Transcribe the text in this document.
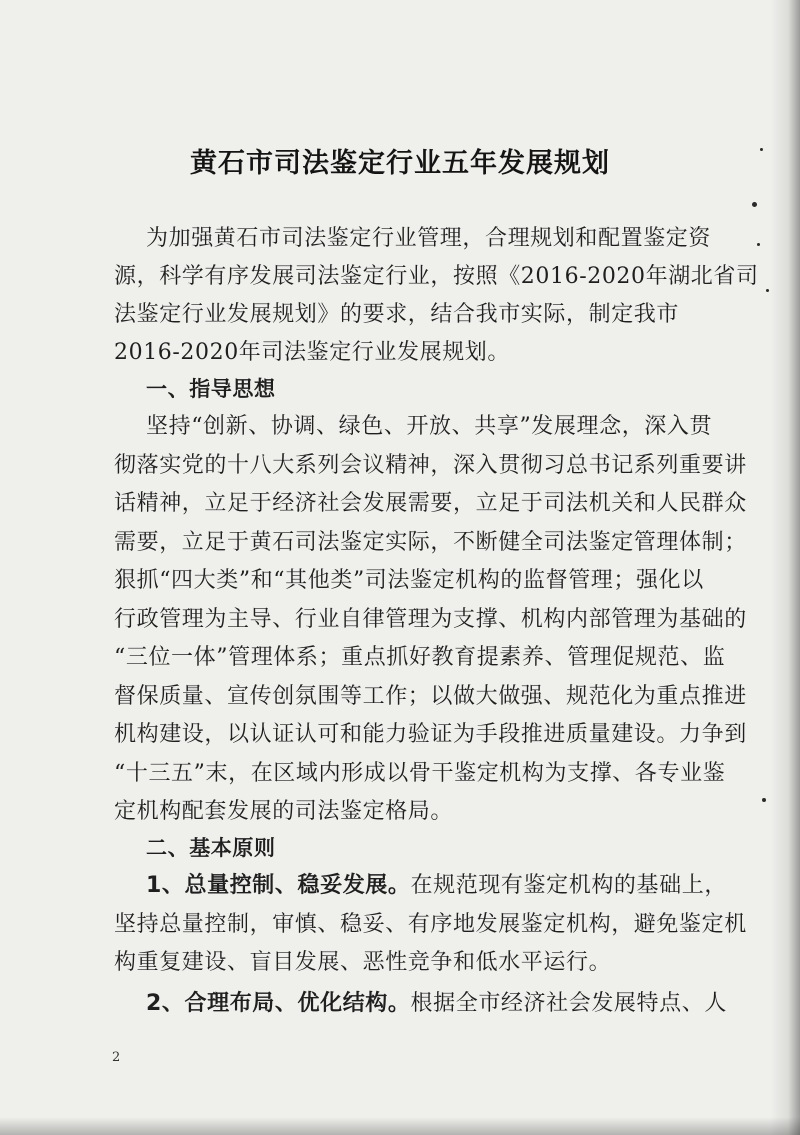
黄石市司法鉴定行业五年发展规划
为加强黄石市司法鉴定行业管理，合理规划和配置鉴定资
源，科学有序发展司法鉴定行业，按照《2016-2020年湖北省司
法鉴定行业发展规划》的要求，结合我市实际，制定我市
2016-2020年司法鉴定行业发展规划。
一、指导思想
坚持“创新、协调、绿色、开放、共享”发展理念，深入贯
彻落实党的十八大系列会议精神，深入贯彻习总书记系列重要讲
话精神，立足于经济社会发展需要，立足于司法机关和人民群众
需要，立足于黄石司法鉴定实际，不断健全司法鉴定管理体制；
狠抓“四大类”和“其他类”司法鉴定机构的监督管理；强化以
行政管理为主导、行业自律管理为支撑、机构内部管理为基础的
“三位一体”管理体系；重点抓好教育提素养、管理促规范、监
督保质量、宣传创氛围等工作；以做大做强、规范化为重点推进
机构建设，以认证认可和能力验证为手段推进质量建设。力争到
“十三五”末，在区域内形成以骨干鉴定机构为支撑、各专业鉴
定机构配套发展的司法鉴定格局。
二、基本原则
1、总量控制、稳妥发展。在规范现有鉴定机构的基础上，
坚持总量控制，审慎、稳妥、有序地发展鉴定机构，避免鉴定机
构重复建设、盲目发展、恶性竞争和低水平运行。
2、合理布局、优化结构。根据全市经济社会发展特点、人
2
